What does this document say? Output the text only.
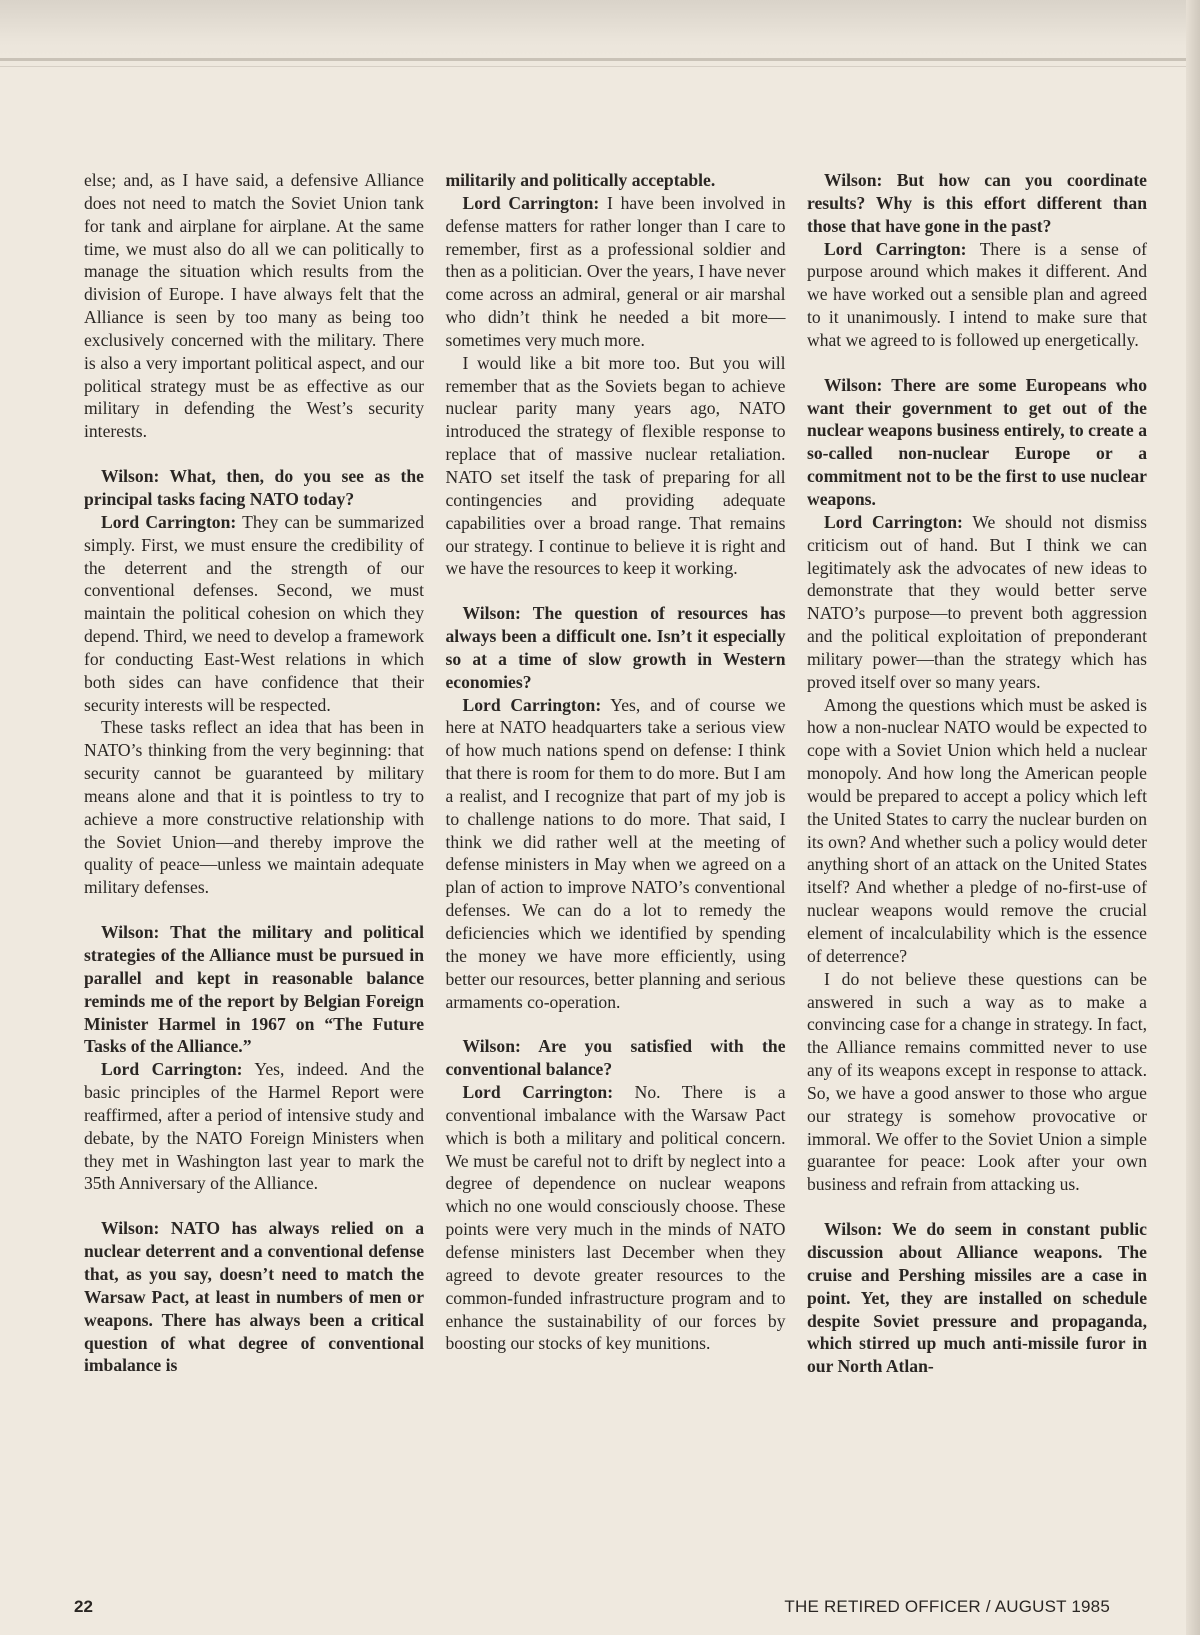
else; and, as I have said, a defensive Alliance does not need to match the Soviet Union tank for tank and airplane for airplane. At the same time, we must also do all we can politically to manage the situation which results from the division of Europe. I have always felt that the Alliance is seen by too many as being too exclusively concerned with the military. There is also a very important political aspect, and our political strategy must be as effective as our military in defending the West’s security interests.

Wilson: What, then, do you see as the principal tasks facing NATO today?

Lord Carrington: They can be summarized simply. First, we must ensure the credibility of the deterrent and the strength of our conventional defenses. Second, we must maintain the political cohesion on which they depend. Third, we need to develop a framework for conducting East-West relations in which both sides can have confidence that their security interests will be respected.

These tasks reflect an idea that has been in NATO’s thinking from the very beginning: that security cannot be guaranteed by military means alone and that it is pointless to try to achieve a more constructive relationship with the Soviet Union—and thereby improve the quality of peace—unless we maintain adequate military defenses.

Wilson: That the military and political strategies of the Alliance must be pursued in parallel and kept in reasonable balance reminds me of the report by Belgian Foreign Minister Harmel in 1967 on “The Future Tasks of the Alliance.”

Lord Carrington: Yes, indeed. And the basic principles of the Harmel Report were reaffirmed, after a period of intensive study and debate, by the NATO Foreign Ministers when they met in Washington last year to mark the 35th Anniversary of the Alliance.

Wilson: NATO has always relied on a nuclear deterrent and a conventional defense that, as you say, doesn’t need to match the Warsaw Pact, at least in numbers of men or weapons. There has always been a critical question of what degree of conventional imbalance is

militarily and politically acceptable.

Lord Carrington: I have been involved in defense matters for rather longer than I care to remember, first as a professional soldier and then as a politician. Over the years, I have never come across an admiral, general or air marshal who didn’t think he needed a bit more—sometimes very much more.

I would like a bit more too. But you will remember that as the Soviets began to achieve nuclear parity many years ago, NATO introduced the strategy of flexible response to replace that of massive nuclear retaliation. NATO set itself the task of preparing for all contingencies and providing adequate capabilities over a broad range. That remains our strategy. I continue to believe it is right and we have the resources to keep it working.

Wilson: The question of resources has always been a difficult one. Isn’t it especially so at a time of slow growth in Western economies?

Lord Carrington: Yes, and of course we here at NATO headquarters take a serious view of how much nations spend on defense: I think that there is room for them to do more. But I am a realist, and I recognize that part of my job is to challenge nations to do more. That said, I think we did rather well at the meeting of defense ministers in May when we agreed on a plan of action to improve NATO’s conventional defenses. We can do a lot to remedy the deficiencies which we identified by spending the money we have more efficiently, using better our resources, better planning and serious armaments co-operation.

Wilson: Are you satisfied with the conventional balance?

Lord Carrington: No. There is a conventional imbalance with the Warsaw Pact which is both a military and political concern. We must be careful not to drift by neglect into a degree of dependence on nuclear weapons which no one would consciously choose. These points were very much in the minds of NATO defense ministers last December when they agreed to devote greater resources to the common-funded infrastructure program and to enhance the sustainability of our forces by boosting our stocks of key munitions.

Wilson: But how can you coordinate results? Why is this effort different than those that have gone in the past?

Lord Carrington: There is a sense of purpose around which makes it different. And we have worked out a sensible plan and agreed to it unanimously. I intend to make sure that what we agreed to is followed up energetically.

Wilson: There are some Europeans who want their government to get out of the nuclear weapons business entirely, to create a so-called non-nuclear Europe or a commitment not to be the first to use nuclear weapons.

Lord Carrington: We should not dismiss criticism out of hand. But I think we can legitimately ask the advocates of new ideas to demonstrate that they would better serve NATO’s purpose—to prevent both aggression and the political exploitation of preponderant military power—than the strategy which has proved itself over so many years.

Among the questions which must be asked is how a non-nuclear NATO would be expected to cope with a Soviet Union which held a nuclear monopoly. And how long the American people would be prepared to accept a policy which left the United States to carry the nuclear burden on its own? And whether such a policy would deter anything short of an attack on the United States itself? And whether a pledge of no-first-use of nuclear weapons would remove the crucial element of incalculability which is the essence of deterrence?

I do not believe these questions can be answered in such a way as to make a convincing case for a change in strategy. In fact, the Alliance remains committed never to use any of its weapons except in response to attack. So, we have a good answer to those who argue our strategy is somehow provocative or immoral. We offer to the Soviet Union a simple guarantee for peace: Look after your own business and refrain from attacking us.

Wilson: We do seem in constant public discussion about Alliance weapons. The cruise and Pershing missiles are a case in point. Yet, they are installed on schedule despite Soviet pressure and propaganda, which stirred up much anti-missile furor in our North Atlan-

22	THE RETIRED OFFICER / AUGUST 1985
